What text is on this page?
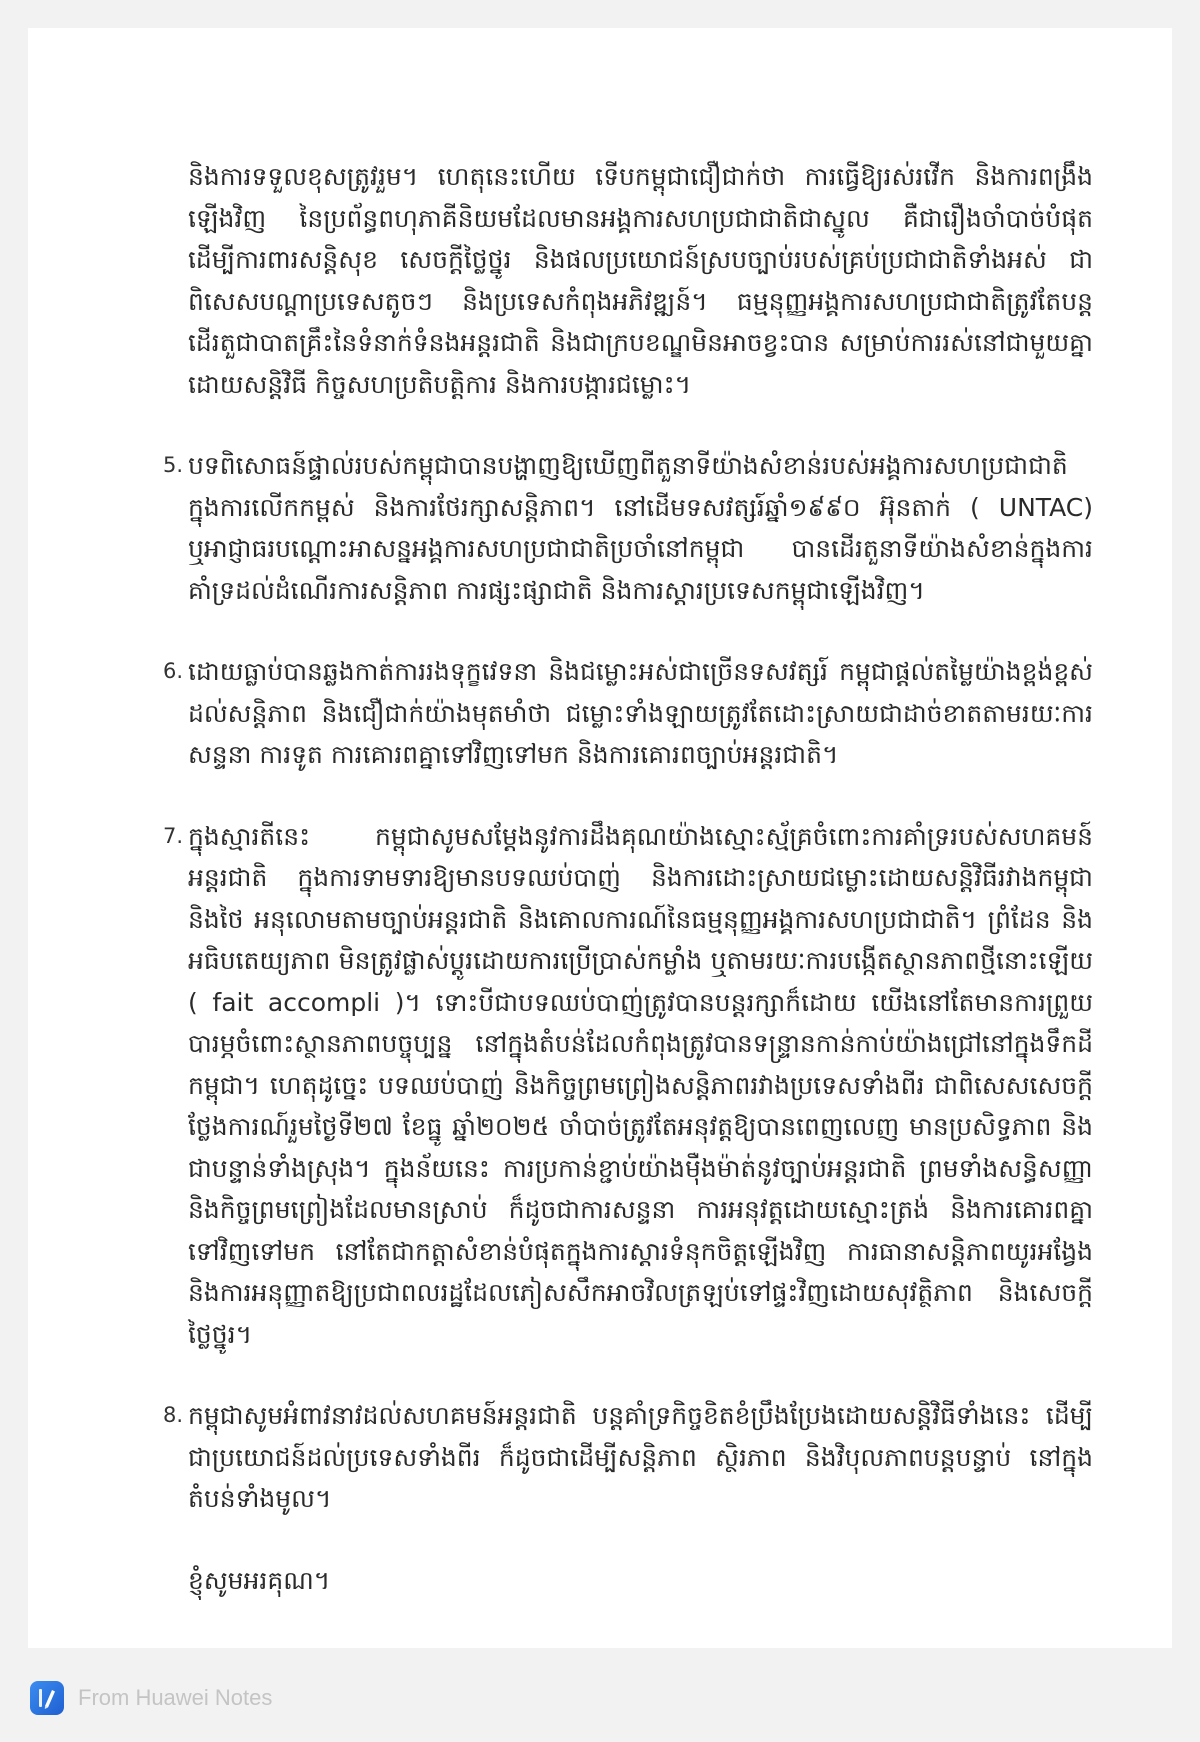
និងការទទួលខុសត្រូវរួម។ ហេតុនេះហើយ ទើបកម្ពុជាជឿជាក់ថា ការធ្វើឱ្យរស់រវើក និងការពង្រឹងឡើងវិញ នៃប្រព័ន្ធពហុភាគីនិយមដែលមានអង្គការសហប្រជាជាតិជាស្នូល គឺជារឿងចាំបាច់បំផុត ដើម្បីការពារសន្តិសុខ សេចក្តីថ្លៃថ្នូរ និងផលប្រយោជន៍ស្របច្បាប់របស់គ្រប់ប្រជាជាតិទាំងអស់ ជាពិសេសបណ្តាប្រទេសតូចៗ និងប្រទេសកំពុងអភិវឌ្ឍន៍។ ធម្មនុញ្ញអង្គការសហប្រជាជាតិត្រូវតែបន្តដើរតួជាបាតគ្រឹះនៃទំនាក់ទំនងអន្តរជាតិ និងជាក្របខណ្ឌមិនអាចខ្វះបាន សម្រាប់ការរស់នៅជាមួយគ្នាដោយសន្តិវិធី កិច្ចសហប្រតិបត្តិការ និងការបង្ការជម្លោះ។

5. បទពិសោធន៍ផ្ទាល់របស់កម្ពុជាបានបង្ហាញឱ្យឃើញពីតួនាទីយ៉ាងសំខាន់របស់អង្គការសហប្រជាជាតិក្នុងការលើកកម្ពស់ និងការថែរក្សាសន្តិភាព។ នៅដើមទសវត្សរ៍ឆ្នាំ១៩៩០ អ៊ុនតាក់ ( UNTAC) ឬអាជ្ញាធរបណ្តោះអាសន្នអង្គការសហប្រជាជាតិប្រចាំនៅកម្ពុជា បានដើរតួនាទីយ៉ាងសំខាន់ក្នុងការគាំទ្រដល់ដំណើរការសន្តិភាព ការផ្សះផ្សាជាតិ និងការស្តារប្រទេសកម្ពុជាឡើងវិញ។
6. ដោយធ្លាប់បានឆ្លងកាត់ការរងទុក្ខវេទនា និងជម្លោះអស់ជាច្រើនទសវត្សរ៍ កម្ពុជាផ្តល់តម្លៃយ៉ាងខ្ពង់ខ្ពស់ដល់សន្តិភាព និងជឿជាក់យ៉ាងមុតមាំថា ជម្លោះទាំងឡាយត្រូវតែដោះស្រាយជាដាច់ខាតតាមរយៈការសន្ទនា ការទូត ការគោរពគ្នាទៅវិញទៅមក និងការគោរពច្បាប់អន្តរជាតិ។
7. ក្នុងស្មារតីនេះ កម្ពុជាសូមសម្តែងនូវការដឹងគុណយ៉ាងស្មោះស្ម័គ្រចំពោះការគាំទ្ររបស់សហគមន៍អន្តរជាតិ ក្នុងការទាមទារឱ្យមានបទឈប់បាញ់ និងការដោះស្រាយជម្លោះដោយសន្តិវិធីរវាងកម្ពុជា និងថៃ អនុលោមតាមច្បាប់អន្តរជាតិ និងគោលការណ៍នៃធម្មនុញ្ញអង្គការសហប្រជាជាតិ។ ព្រំដែន និងអធិបតេយ្យភាព មិនត្រូវផ្លាស់ប្តូរដោយការប្រើប្រាស់កម្លាំង ឬតាមរយៈការបង្កើតស្ថានភាពថ្មីនោះឡើយ ( fait accompli )។ ទោះបីជាបទឈប់បាញ់ត្រូវបានបន្តរក្សាក៏ដោយ យើងនៅតែមានការព្រួយបារម្ភចំពោះស្ថានភាពបច្ចុប្បន្ន នៅក្នុងតំបន់ដែលកំពុងត្រូវបានទន្ទ្រានកាន់កាប់យ៉ាងជ្រៅនៅក្នុងទឹកដីកម្ពុជា។ ហេតុដូច្នេះ បទឈប់បាញ់ និងកិច្ចព្រមព្រៀងសន្តិភាពរវាងប្រទេសទាំងពីរ ជាពិសេសសេចក្តីថ្លែងការណ៍រួមថ្ងៃទី២៧ ខែធ្នូ ឆ្នាំ២០២៥ ចាំបាច់ត្រូវតែអនុវត្តឱ្យបានពេញលេញ មានប្រសិទ្ធភាព និងជាបន្ទាន់ទាំងស្រុង។ ក្នុងន័យនេះ ការប្រកាន់ខ្ជាប់យ៉ាងម៉ឺងម៉ាត់នូវច្បាប់អន្តរជាតិ ព្រមទាំងសន្ធិសញ្ញា និងកិច្ចព្រមព្រៀងដែលមានស្រាប់ ក៏ដូចជាការសន្ទនា ការអនុវត្តដោយស្មោះត្រង់ និងការគោរពគ្នាទៅវិញទៅមក នៅតែជាកត្តាសំខាន់បំផុតក្នុងការស្តារទំនុកចិត្តឡើងវិញ ការធានាសន្តិភាពយូរអង្វែង និងការអនុញ្ញាតឱ្យប្រជាពលរដ្ឋដែលភៀសសឹកអាចវិលត្រឡប់ទៅផ្ទះវិញដោយសុវត្ថិភាព និងសេចក្តីថ្លៃថ្នូរ។
8. កម្ពុជាសូមអំពាវនាវដល់សហគមន៍អន្តរជាតិ បន្តគាំទ្រកិច្ចខិតខំប្រឹងប្រែងដោយសន្តិវិធីទាំងនេះ ដើម្បីជាប្រយោជន៍ដល់ប្រទេសទាំងពីរ ក៏ដូចជាដើម្បីសន្តិភាព ស្ថិរភាព និងវិបុលភាពបន្តបន្ទាប់ នៅក្នុងតំបន់ទាំងមូល។

ខ្ញុំសូមអរគុណ។

From Huawei Notes
